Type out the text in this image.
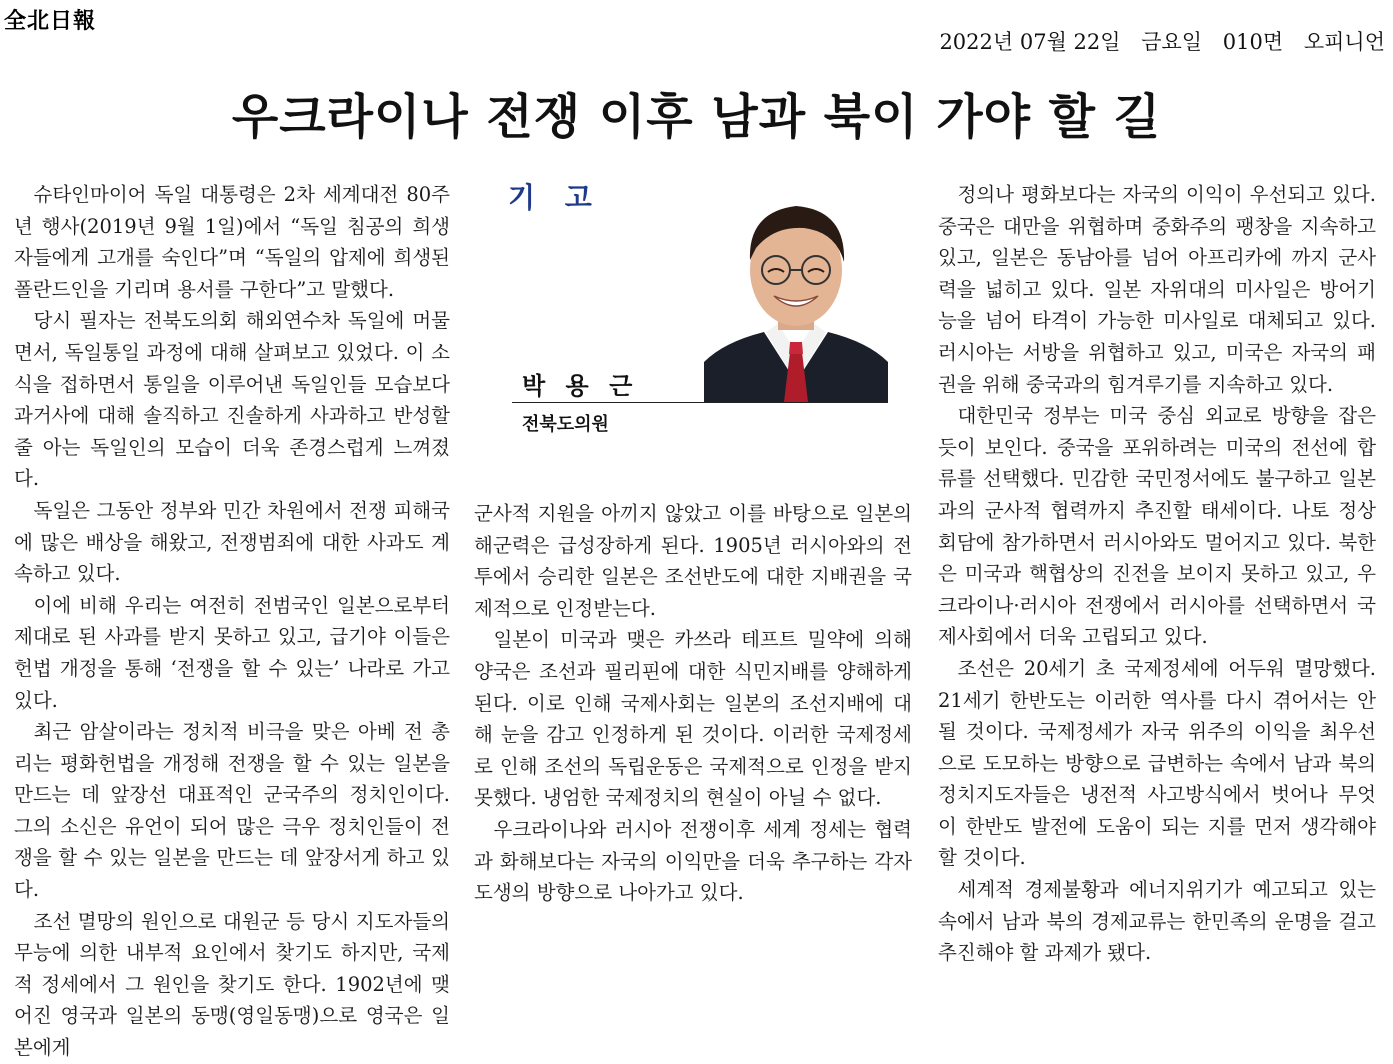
全北日報
2022년 07월 22일 금요일 010면 오피니언
우크라이나 전쟁 이후 남과 북이 가야 할 길

슈타인마이어 독일 대통령은 2차 세계대전 80주년 행사(2019년 9월 1일)에서 “독일 침공의 희생자들에게 고개를 숙인다”며 “독일의 압제에 희생된 폴란드인을 기리며 용서를 구한다”고 말했다.

당시 필자는 전북도의회 해외연수차 독일에 머물면서, 독일통일 과정에 대해 살펴보고 있었다. 이 소식을 접하면서 통일을 이루어낸 독일인들 모습보다 과거사에 대해 솔직하고 진솔하게 사과하고 반성할 줄 아는 독일인의 모습이 더욱 존경스럽게 느껴졌다.

독일은 그동안 정부와 민간 차원에서 전쟁 피해국에 많은 배상을 해왔고, 전쟁범죄에 대한 사과도 계속하고 있다.

이에 비해 우리는 여전히 전범국인 일본으로부터 제대로 된 사과를 받지 못하고 있고, 급기야 이들은 헌법 개정을 통해 ‘전쟁을 할 수 있는’ 나라로 가고 있다.

최근 암살이라는 정치적 비극을 맞은 아베 전 총리는 평화헌법을 개정해 전쟁을 할 수 있는 일본을 만드는 데 앞장선 대표적인 군국주의 정치인이다. 그의 소신은 유언이 되어 많은 극우 정치인들이 전쟁을 할 수 있는 일본을 만드는 데 앞장서게 하고 있다.

조선 멸망의 원인으로 대원군 등 당시 지도자들의 무능에 의한 내부적 요인에서 찾기도 하지만, 국제적 정세에서 그 원인을 찾기도 한다. 1902년에 맺어진 영국과 일본의 동맹(영일동맹)으로 영국은 일본에게

기 고
박 용 근
전북도의원

군사적 지원을 아끼지 않았고 이를 바탕으로 일본의 해군력은 급성장하게 된다. 1905년 러시아와의 전투에서 승리한 일본은 조선반도에 대한 지배권을 국제적으로 인정받는다.

일본이 미국과 맺은 카쓰라 테프트 밀약에 의해 양국은 조선과 필리핀에 대한 식민지배를 양해하게 된다. 이로 인해 국제사회는 일본의 조선지배에 대해 눈을 감고 인정하게 된 것이다. 이러한 국제정세로 인해 조선의 독립운동은 국제적으로 인정을 받지 못했다. 냉엄한 국제정치의 현실이 아닐 수 없다.

우크라이나와 러시아 전쟁이후 세계 정세는 협력과 화해보다는 자국의 이익만을 더욱 추구하는 각자 도생의 방향으로 나아가고 있다.

정의나 평화보다는 자국의 이익이 우선되고 있다. 중국은 대만을 위협하며 중화주의 팽창을 지속하고 있고, 일본은 동남아를 넘어 아프리카에 까지 군사력을 넓히고 있다. 일본 자위대의 미사일은 방어기능을 넘어 타격이 가능한 미사일로 대체되고 있다. 러시아는 서방을 위협하고 있고, 미국은 자국의 패권을 위해 중국과의 힘겨루기를 지속하고 있다.

대한민국 정부는 미국 중심 외교로 방향을 잡은 듯이 보인다. 중국을 포위하려는 미국의 전선에 합류를 선택했다. 민감한 국민정서에도 불구하고 일본과의 군사적 협력까지 추진할 태세이다. 나토 정상회담에 참가하면서 러시아와도 멀어지고 있다. 북한은 미국과 핵협상의 진전을 보이지 못하고 있고, 우크라이나·러시아 전쟁에서 러시아를 선택하면서 국제사회에서 더욱 고립되고 있다.

조선은 20세기 초 국제정세에 어두워 멸망했다. 21세기 한반도는 이러한 역사를 다시 겪어서는 안될 것이다. 국제정세가 자국 위주의 이익을 최우선으로 도모하는 방향으로 급변하는 속에서 남과 북의 정치지도자들은 냉전적 사고방식에서 벗어나 무엇이 한반도 발전에 도움이 되는 지를 먼저 생각해야 할 것이다.

세계적 경제불황과 에너지위기가 예고되고 있는 속에서 남과 북의 경제교류는 한민족의 운명을 걸고 추진해야 할 과제가 됐다.
